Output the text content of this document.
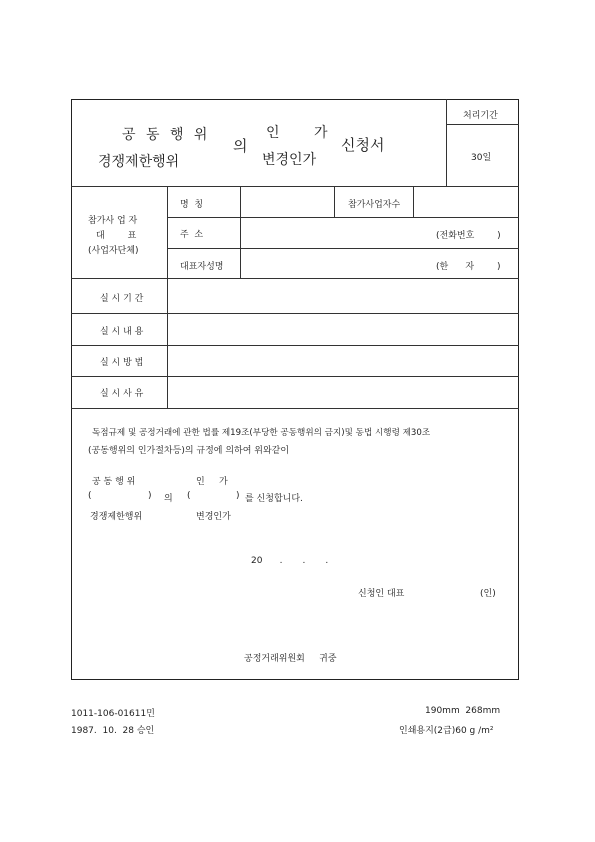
공 동 행 위	인 가
의	신청서
경쟁제한행위	변경인가
처리기간
30일
참가사 업 자
대        표
(사업자단체)
명  칭	참가사업자수
주  소	(전화번호        )
대표자성명	(한      자        )
실 시 기 간
실 시 내 용
실 시 방 법
실 시 사 유
독점규제 및 공정거래에 관한 법률 제19조(부당한 공동행위의 금지)및 동법 시행령 제30조
(공동행위의 인가절차등)의 규정에 의하여 위와같이
공 동 행 위	인     가
(	) 의 (	) 를 신청합니다.
경쟁제한행위	변경인가
20      .       .       .
신청인 대표	(인)
공정거래위원회     귀중
1011-106-01611민
1987.  10.  28 승인
190mm  268mm
인쇄용지(2급)60 g /m²
